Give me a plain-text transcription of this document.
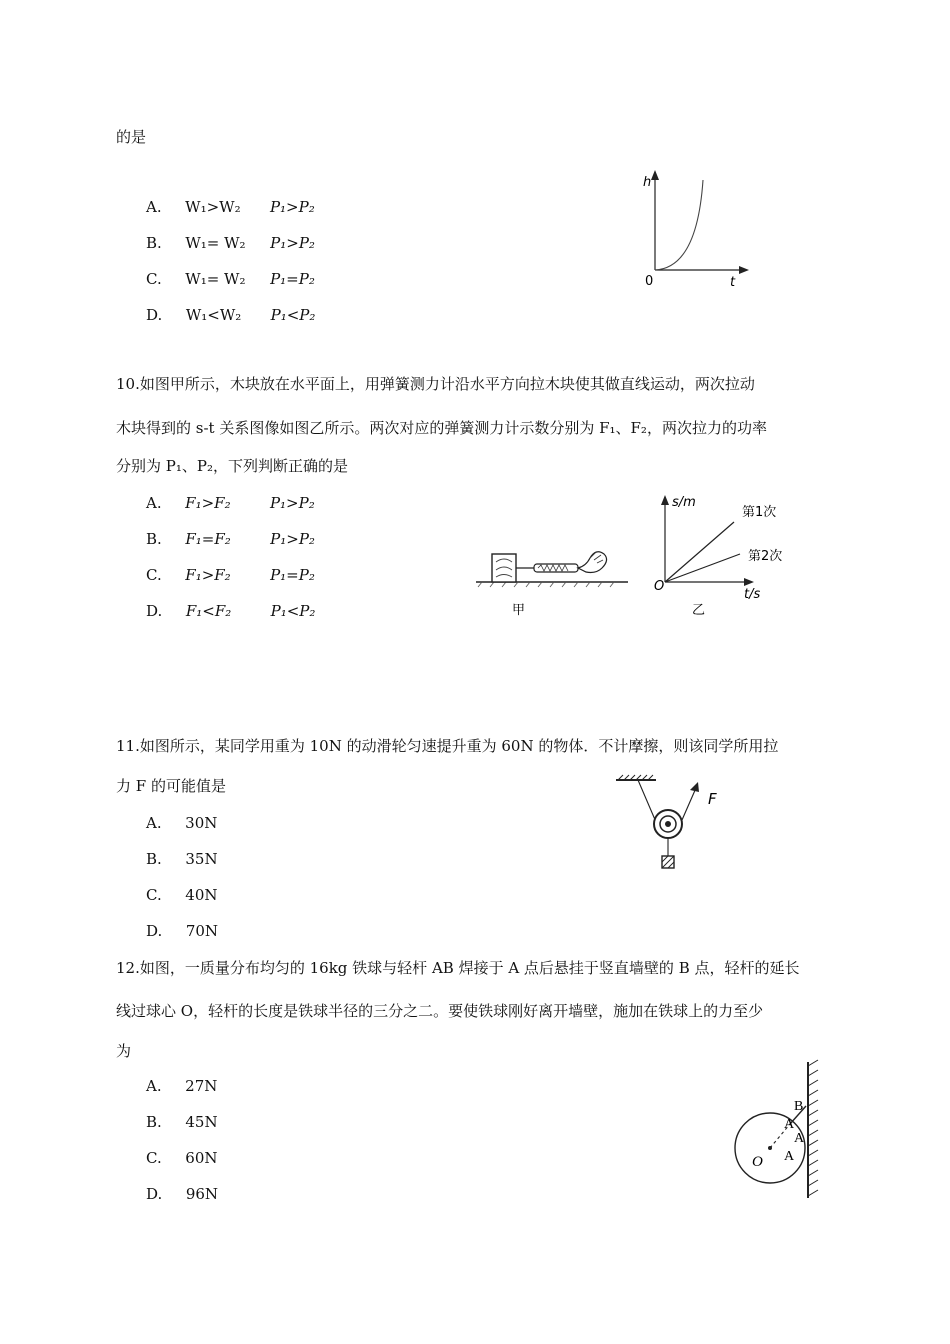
的是
A. W₁>W₂ P₁>P₂
B. W₁= W₂ P₁>P₂
C. W₁= W₂ P₁=P₂
D. W₁<W₂ P₁<P₂
h
t
0
10.如图甲所示，木块放在水平面上，用弹簧测力计沿水平方向拉木块使其做直线运动，两次拉动
木块得到的 s-t 关系图像如图乙所示。两次对应的弹簧测力计示数分别为 F₁、F₂，两次拉力的功率
分别为 P₁、P₂，下列判断正确的是
A. F₁>F₂	P₁>P₂
B. F₁=F₂	P₁>P₂
C. F₁>F₂	P₁=P₂
D. F₁<F₂	P₁<P₂	甲
s/m
t/s
O
第1次
第2次
乙
11.如图所示，某同学用重为 10N 的动滑轮匀速提升重为 60N 的物体．不计摩擦，则该同学所用拉
力 F 的可能值是
A. 30N
B. 35N
C. 40N
D. 70N
F
12.如图，一质量分布均匀的 16kg 铁球与轻杆 AB 焊接于 A 点后悬挂于竖直墙壁的 B 点，轻杆的延长
线过球心 O，轻杆的长度是铁球半径的三分之二。要使铁球刚好离开墙壁，施加在铁球上的力至少
为
A. 27N
B. 45N
C. 60N
D. 96N
B
A
A
A
O
